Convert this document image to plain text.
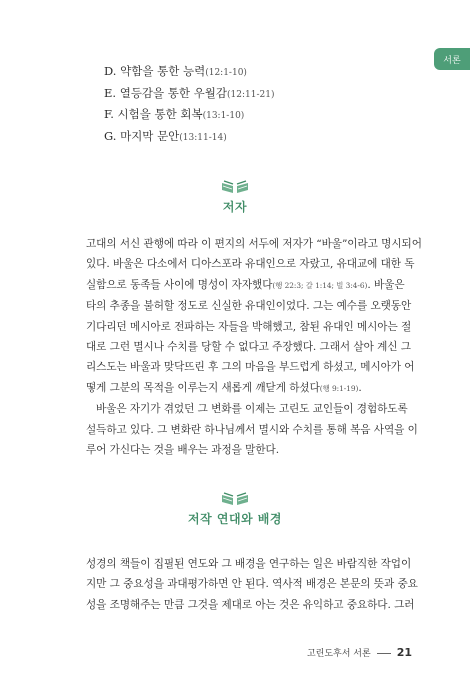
서론
D. 약함을 통한 능력(12:1-10)
E. 열등감을 통한 우월감(12:11-21)
F. 시험을 통한 회복(13:1-10)
G. 마지막 문안(13:11-14)
저자
고대의 서신 관행에 따라 이 편지의 서두에 저자가 “바울”이라고 명시되어
있다. 바울은 다소에서 디아스포라 유대인으로 자랐고, 유대교에 대한 독
실함으로 동족들 사이에 명성이 자자했다(행 22:3; 갈 1:14; 빌 3:4-6). 바울은
타의 추종을 불허할 정도로 신실한 유대인이었다. 그는 예수를 오랫동안
기다리던 메시아로 전파하는 자들을 박해했고, 참된 유대인 메시아는 절
대로 그런 멸시나 수치를 당할 수 없다고 주장했다. 그래서 살아 계신 그
리스도는 바울과 맞닥뜨린 후 그의 마음을 부드럽게 하셨고, 메시아가 어
떻게 그분의 목적을 이루는지 새롭게 깨닫게 하셨다(행 9:1-19).
바울은 자기가 겪었던 그 변화를 이제는 고린도 교인들이 경험하도록
설득하고 있다. 그 변화란 하나님께서 멸시와 수치를 통해 복음 사역을 이
루어 가신다는 것을 배우는 과정을 말한다.
저작 연대와 배경
성경의 책들이 집필된 연도와 그 배경을 연구하는 일은 바람직한 작업이
지만 그 중요성을 과대평가하면 안 된다. 역사적 배경은 본문의 뜻과 중요
성을 조명해주는 만큼 그것을 제대로 아는 것은 유익하고 중요하다. 그러
고린도후서 서론 21
